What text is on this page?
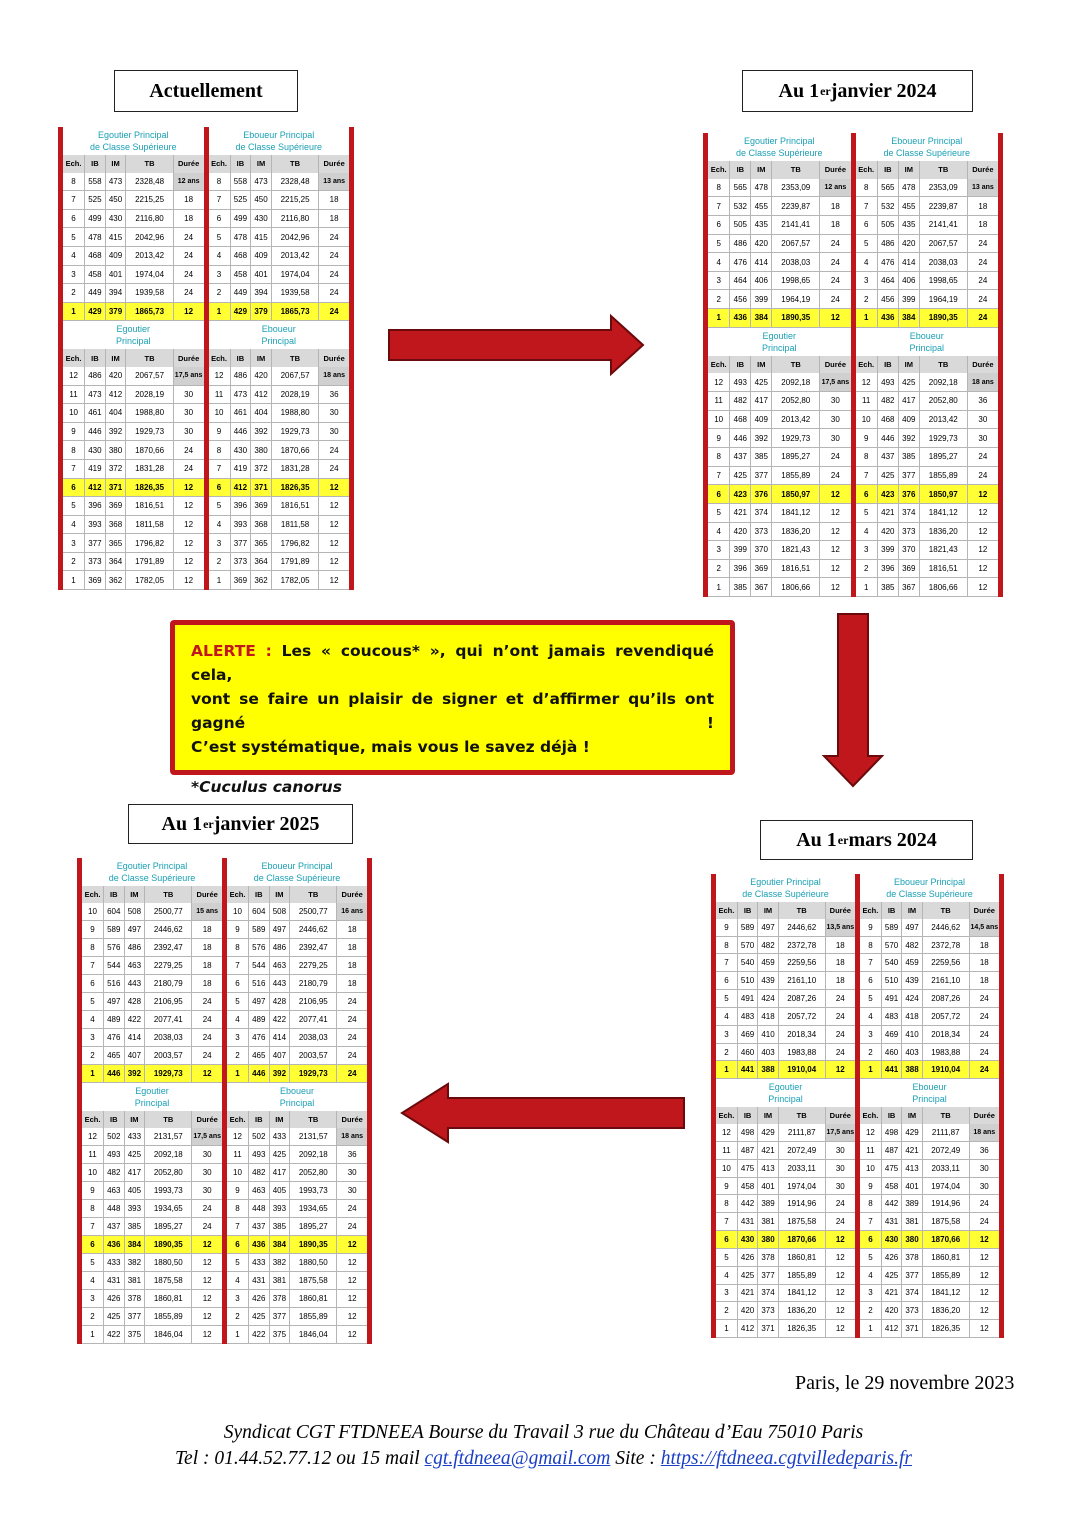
Actuellement	Au 1 er janvier 2024
Au 1 er mars 2024
Au 1 er janvier 2025
Egoutier Principal
de Classe Supérieure
Ech.	IB	IM	TB	Durée
8	558 473	2328,48	12 ans
7	525 450	2215,25	18
6	499 430	2116,80	18
5	478 415	2042,96	24
4	468 409	2013,42	24
3	458 401	1974,04	24
2	449 394	1939,58	24
1	429 379	1865,73	12
Egoutier
Principal
Ech.	IB	IM	TB	Durée
12	486 420	2067,57	17,5 ans
11	473 412	2028,19	30
10	461 404	1988,80	30
9	446 392	1929,73	30
8	430 380	1870,66	24
7	419 372	1831,28	24
6	412 371	1826,35	12
5	396 369	1816,51	12
4	393 368	1811,58	12
3	377 365	1796,82	12
2	373 364	1791,89	12
1	369 362	1782,05	12
Eboueur Principal
de Classe Supérieure
Ech.	IB	IM	TB	Durée
8	558 473	2328,48	13 ans
7	525 450	2215,25	18
6	499 430	2116,80	18
5	478 415	2042,96	24
4	468 409	2013,42	24
3	458 401	1974,04	24
2	449 394	1939,58	24
1	429 379	1865,73	24
Eboueur
Principal
Ech.	IB	IM	TB	Durée
12	486 420	2067,57	18 ans
11	473 412	2028,19	36
10	461 404	1988,80	30
9	446 392	1929,73	30
8	430 380	1870,66	24
7	419 372	1831,28	24
6	412 371	1826,35	12
5	396 369	1816,51	12
4	393 368	1811,58	12
3	377 365	1796,82	12
2	373 364	1791,89	12
1	369 362	1782,05	12
Egoutier Principal
de Classe Supérieure
Ech.	IB	IM	TB	Durée
8	565 478	2353,09	12 ans
7	532 455	2239,87	18
6	505 435	2141,41	18
5	486 420	2067,57	24
4	476 414	2038,03	24
3	464 406	1998,65	24
2	456 399	1964,19	24
1	436 384	1890,35	12
Egoutier
Principal
Ech.	IB	IM	TB	Durée
12	493 425	2092,18	17,5 ans
11	482 417	2052,80	30
10	468 409	2013,42	30
9	446 392	1929,73	30
8	437 385	1895,27	24
7	425 377	1855,89	24
6	423 376	1850,97	12
5	421 374	1841,12	12
4	420 373	1836,20	12
3	399 370	1821,43	12
2	396 369	1816,51	12
1	385 367	1806,66	12
Eboueur Principal
de Classe Supérieure
Ech.	IB	IM	TB	Durée
8	565 478	2353,09	13 ans
7	532 455	2239,87	18
6	505 435	2141,41	18
5	486 420	2067,57	24
4	476 414	2038,03	24
3	464 406	1998,65	24
2	456 399	1964,19	24
1	436 384	1890,35	24
Eboueur
Principal
Ech.	IB	IM	TB	Durée
12	493 425	2092,18	18 ans
11	482 417	2052,80	36
10	468 409	2013,42	30
9	446 392	1929,73	30
8	437 385	1895,27	24
7	425 377	1855,89	24
6	423 376	1850,97	12
5	421 374	1841,12	12
4	420 373	1836,20	12
3	399 370	1821,43	12
2	396 369	1816,51	12
1	385 367	1806,66	12
Egoutier Principal
de Classe Supérieure
Ech.	IB	IM	TB	Durée
9	589 497	2446,62	13,5 ans
8	570 482	2372,78	18
7	540 459	2259,56	18
6	510 439	2161,10	18
5	491 424	2087,26	24
4	483 418	2057,72	24
3	469 410	2018,34	24
2	460 403	1983,88	24
1	441 388	1910,04	12
Egoutier
Principal
Ech.	IB	IM	TB	Durée
12	498 429	2111,87	17,5 ans
11	487 421	2072,49	30
10	475 413	2033,11	30
9	458 401	1974,04	30
8	442 389	1914,96	24
7	431 381	1875,58	24
6	430 380	1870,66	12
5	426 378	1860,81	12
4	425 377	1855,89	12
3	421 374	1841,12	12
2	420 373	1836,20	12
1	412 371	1826,35	12
Eboueur Principal
de Classe Supérieure
Ech.	IB	IM	TB	Durée
9	589 497	2446,62	14,5 ans
8	570 482	2372,78	18
7	540 459	2259,56	18
6	510 439	2161,10	18
5	491 424	2087,26	24
4	483 418	2057,72	24
3	469 410	2018,34	24
2	460 403	1983,88	24
1	441 388	1910,04	24
Eboueur
Principal
Ech.	IB	IM	TB	Durée
12	498 429	2111,87	18 ans
11	487 421	2072,49	36
10	475 413	2033,11	30
9	458 401	1974,04	30
8	442 389	1914,96	24
7	431 381	1875,58	24
6	430 380	1870,66	12
5	426 378	1860,81	12
4	425 377	1855,89	12
3	421 374	1841,12	12
2	420 373	1836,20	12
1	412 371	1826,35	12
Egoutier Principal
de Classe Supérieure
Ech.	IB	IM	TB	Durée
10	604 508	2500,77	15 ans
9	589 497	2446,62	18
8	576 486	2392,47	18
7	544 463	2279,25	18
6	516 443	2180,79	18
5	497 428	2106,95	24
4	489 422	2077,41	24
3	476 414	2038,03	24
2	465 407	2003,57	24
1	446 392	1929,73	12
Egoutier
Principal
Ech.	IB	IM	TB	Durée
12	502 433	2131,57	17,5 ans
11	493 425	2092,18	30
10	482 417	2052,80	30
9	463 405	1993,73	30
8	448 393	1934,65	24
7	437 385	1895,27	24
6	436 384	1890,35	12
5	433 382	1880,50	12
4	431 381	1875,58	12
3	426 378	1860,81	12
2	425 377	1855,89	12
1	422 375	1846,04	12
Eboueur Principal
de Classe Supérieure
Ech.	IB	IM	TB	Durée
10	604 508	2500,77	16 ans
9	589 497	2446,62	18
8	576 486	2392,47	18
7	544 463	2279,25	18
6	516 443	2180,79	18
5	497 428	2106,95	24
4	489 422	2077,41	24
3	476 414	2038,03	24
2	465 407	2003,57	24
1	446 392	1929,73	24
Eboueur
Principal
Ech.	IB	IM	TB	Durée
12	502 433	2131,57	18 ans
11	493 425	2092,18	36
10	482 417	2052,80	30
9	463 405	1993,73	30
8	448 393	1934,65	24
7	437 385	1895,27	24
6	436 384	1890,35	12
5	433 382	1880,50	12
4	431 381	1875,58	12
3	426 378	1860,81	12
2	425 377	1855,89	12
1	422 375	1846,04	12
ALERTE : Les « coucous* », qui n’ont jamais revendiqué cela,
vont se faire un plaisir de signer et d’affirmer qu’ils ont gagné !
C’est systématique, mais vous le savez déjà !
*Cuculus canorus
Paris, le 29 novembre 2023
Syndicat CGT FTDNEEA Bourse du Travail 3 rue du Château d’Eau 75010 Paris
Tel : 01.44.52.77.12 ou 15 mail cgt.ftdneea@gmail.com Site : https://ftdneea.cgtvilledeparis.fr
